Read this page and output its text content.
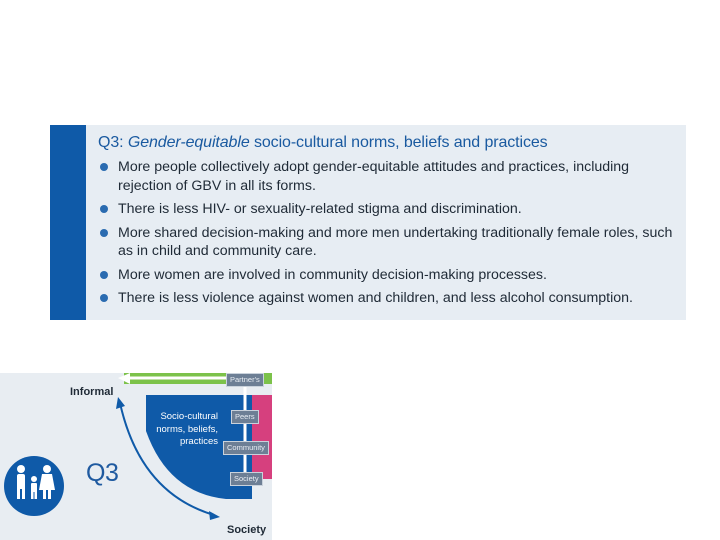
Q3: Gender-equitable socio-cultural norms, beliefs and practices
More people collectively adopt gender-equitable attitudes and practices, including rejection of GBV in all its forms.
There is less HIV- or sexuality-related stigma and discrimination.
More shared decision-making and more men undertaking traditionally female roles, such as in child and community care.
More women are involved in community decision-making processes.
There is less violence against women and children, and less alcohol consumption.
Informal
Society
Socio-cultural norms, beliefs, practices
Q3
Partner's
Peers
Community
Society
